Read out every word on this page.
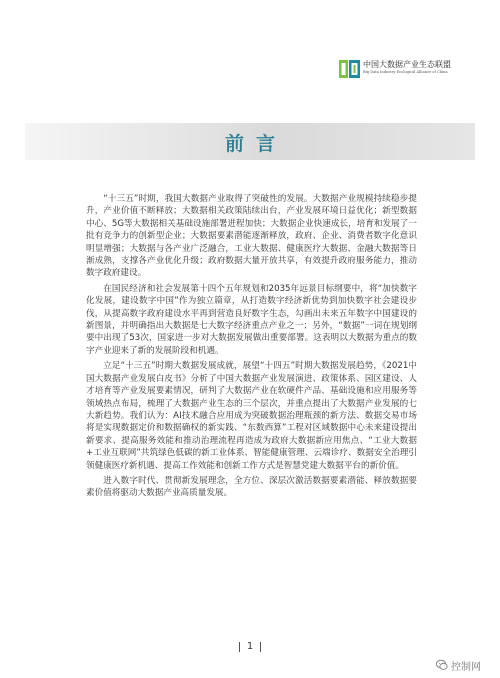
中国大数据产业生态联盟
Big Data Industry Ecological Alliance of China
前言

“十三五”时期，我国大数据产业取得了突破性的发展。大数据产业规模持续稳步提升，产业价值不断释放；大数据相关政策陆续出台，产业发展环境日益优化；新型数据中心、5G等大数据相关基础设施部署进程加快；大数据企业快速成长，培育和发展了一批有竞争力的创新型企业；大数据要素潜能逐渐释放，政府、企业、消费者数字化意识明显增强；大数据与各产业广泛融合，工业大数据、健康医疗大数据、金融大数据等日渐成熟，支撑各产业优化升级；政府数据大量开放共享，有效提升政府服务能力，推动数字政府建设。

在国民经济和社会发展第十四个五年规划和2035年远景目标纲要中，将“加快数字化发展，建设数字中国”作为独立篇章，从打造数字经济新优势到加快数字社会建设步伐，从提高数字政府建设水平再到营造良好数字生态，勾画出未来五年数字中国建设的新图景，并明确指出大数据是七大数字经济重点产业之一；另外，“数据”一词在规划纲要中出现了53次，国家进一步对大数据发展做出重要部署。这表明以大数据为重点的数字产业迎来了新的发展阶段和机遇。

立足“十三五”时期大数据发展成就，展望“十四五”时期大数据发展趋势，《2021中国大数据产业发展白皮书》分析了中国大数据产业发展演进、政策体系、园区建设、人才培育等产业发展要素情况，研判了大数据产业在软硬件产品、基础设施和应用服务等领域热点布局，梳理了大数据产业生态的三个层次，并重点提出了大数据产业发展的七大新趋势。我们认为：AI技术融合应用成为突破数据治理瓶颈的新方法、数据交易市场将是实现数据定价和数据确权的新实践、“东数西算”工程对区域数据中心未来建设提出新要求、提高服务效能和推动治理流程再造成为政府大数据新应用焦点、“工业大数据+工业互联网”共筑绿色低碳的新工业体系、智能健康管理、云端诊疗、数据安全治理引领健康医疗新机遇、提高工作效能和创新工作方式是智慧党建大数据平台的新价值。

进入数字时代、贯彻新发展理念，全方位、深层次激活数据要素潜能、释放数据要素价值将驱动大数据产业高质量发展。

1
控制网
